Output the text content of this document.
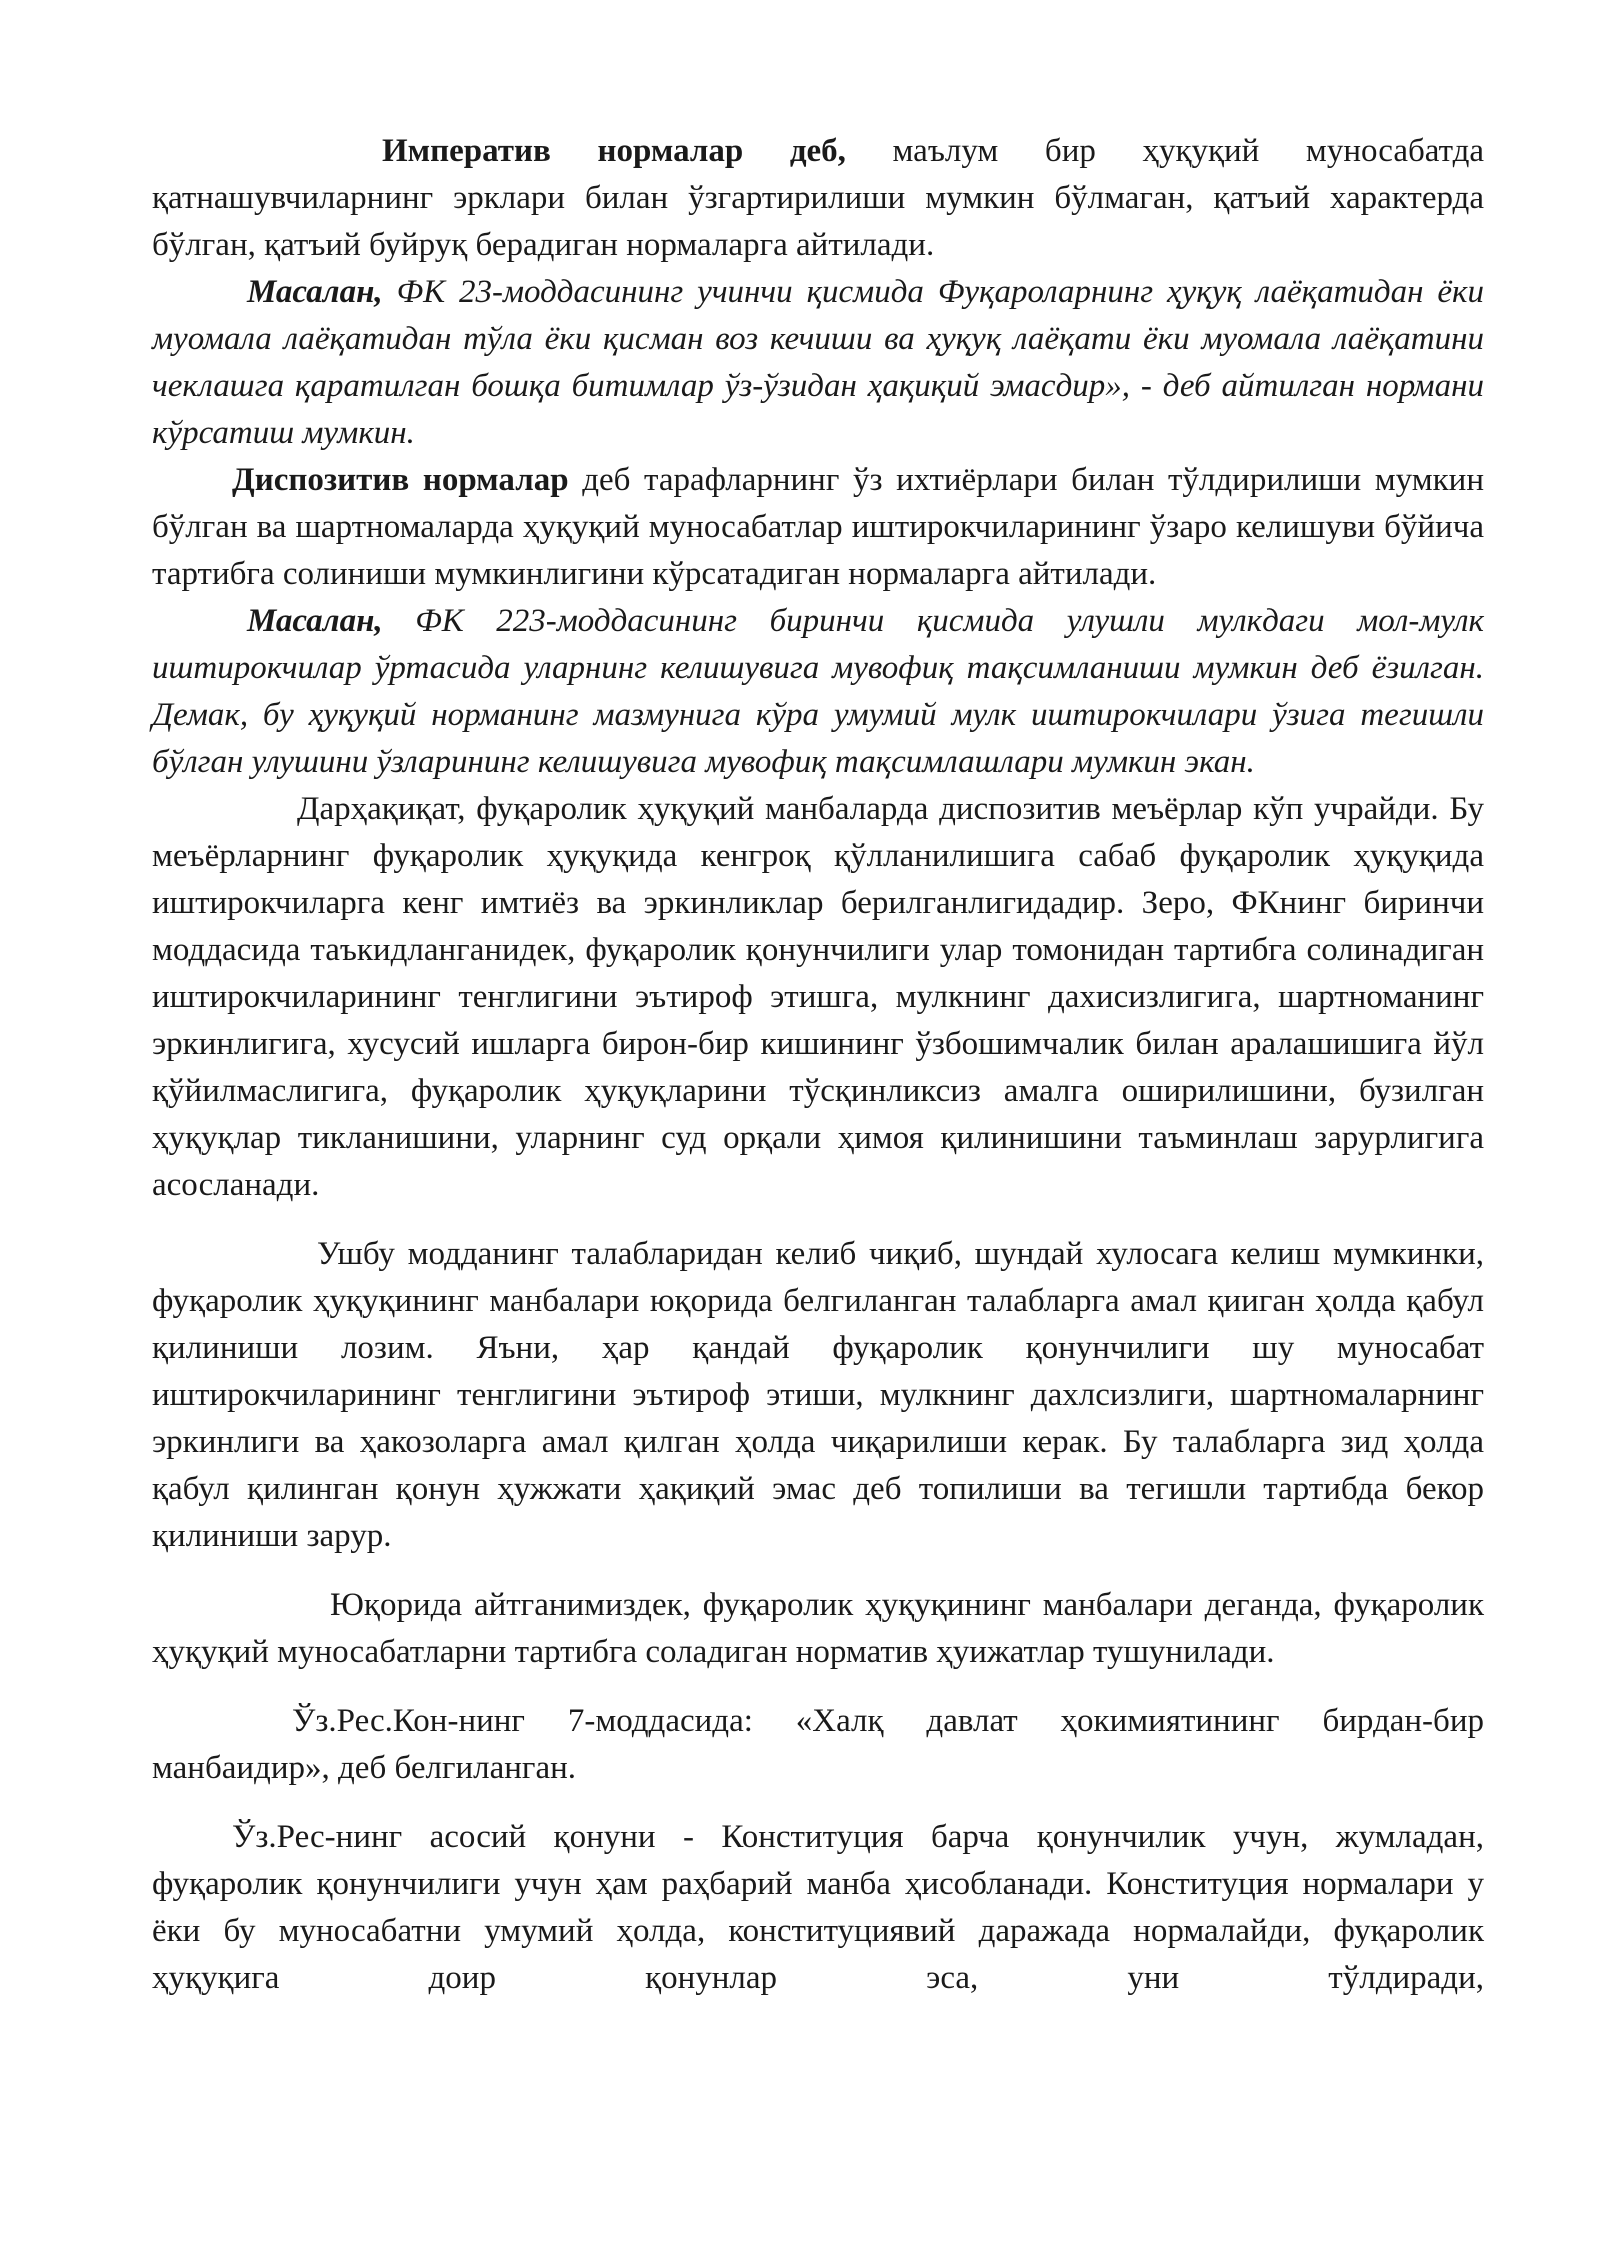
Императив нормалар деб, маълум бир ҳуқуқий муносабатда қатнашувчиларнинг эрклари билан ўзгартирилиши мумкин бўлмаган, қатъий характерда бўлган, қатъий буйруқ берадиган нормаларга айтилади.

Масалан, ФК 23-моддасининг учинчи қисмида Фуқароларнинг ҳуқуқ лаёқатидан ёки муомала лаёқатидан тўла ёки қисман воз кечиши ва ҳуқуқ лаёқати ёки муомала лаёқатини чеклашга қаратилган бошқа битимлар ўз-ўзидан ҳақиқий эмасдир», - деб айтилган нормани кўрсатиш мумкин.

Диспозитив нормалар деб тарафларнинг ўз ихтиёрлари билан тўлдирилиши мумкин бўлган ва шартномаларда ҳуқуқий муносабатлар иштирокчиларининг ўзаро келишуви бўйича тартибга солиниши мумкинлигини кўрсатадиган нормаларга айтилади.

Масалан, ФК 223-моддасининг биринчи қисмида улушли мулкдаги мол-мулк иштирокчилар ўртасида уларнинг келишувига мувофиқ тақсимланиши мумкин деб ёзилган. Демак, бу ҳуқуқий норманинг мазмунига кўра умумий мулк иштирокчилари ўзига тегишли бўлган улушини ўзларининг келишувига мувофиқ тақсимлашлари мумкин экан.

Дарҳақиқат, фуқаролик ҳуқуқий манбаларда диспозитив меъёрлар кўп учрайди. Бу меъёрларнинг фуқаролик ҳуқуқида кенгроқ қўлланилишига сабаб фуқаролик ҳуқуқида иштирокчиларга кенг имтиёз ва эркинликлар берилганлигидадир. Зеро, ФКнинг биринчи моддасида таъкидланганидек, фуқаролик қонунчилиги улар томонидан тартибга солинадиган иштирокчиларининг тенглигини эътироф этишга, мулкнинг дахисизлигига, шартноманинг эркинлигига, хусусий ишларга бирон-бир кишининг ўзбошимчалик билан аралашишига йўл қўйилмаслигига, фуқаролик ҳуқуқларини тўсқинликсиз амалга оширилишини, бузилган ҳуқуқлар тикланишини, уларнинг суд орқали ҳимоя қилинишини таъминлаш зарурлигига асосланади.

Ушбу модданинг талабларидан келиб чиқиб, шундай хулосага келиш мумкинки, фуқаролик ҳуқуқининг манбалари юқорида белгиланган талабларга амал қииган ҳолда қабул қилиниши лозим. Яъни, ҳар қандай фуқаролик қонунчилиги шу муносабат иштирокчиларининг тенглигини эътироф этиши, мулкнинг дахлсизлиги, шартномаларнинг эркинлиги ва ҳакозоларга амал қилган ҳолда чиқарилиши керак. Бу талабларга зид ҳолда қабул қилинган қонун ҳужжати ҳақиқий эмас деб топилиши ва тегишли тартибда бекор қилиниши зарур.

Юқорида айтганимиздек, фуқаролик ҳуқуқининг манбалари деганда, фуқаролик ҳуқуқий муносабатларни тартибга соладиган норматив ҳуижатлар тушунилади.

Ўз.Рес.Кон-нинг 7-моддасида: «Халқ давлат ҳокимиятининг бирдан-бир манбаидир», деб белгиланган.

Ўз.Рес-нинг асосий қонуни - Конституция барча қонунчилик учун, жумладан, фуқаролик қонунчилиги учун ҳам раҳбарий манба ҳисобланади. Конституция нормалари у ёки бу муносабатни умумий ҳолда, конституциявий даражада нормалайди, фуқаролик ҳуқуқига доир қонунлар эса, уни тўлдиради,
